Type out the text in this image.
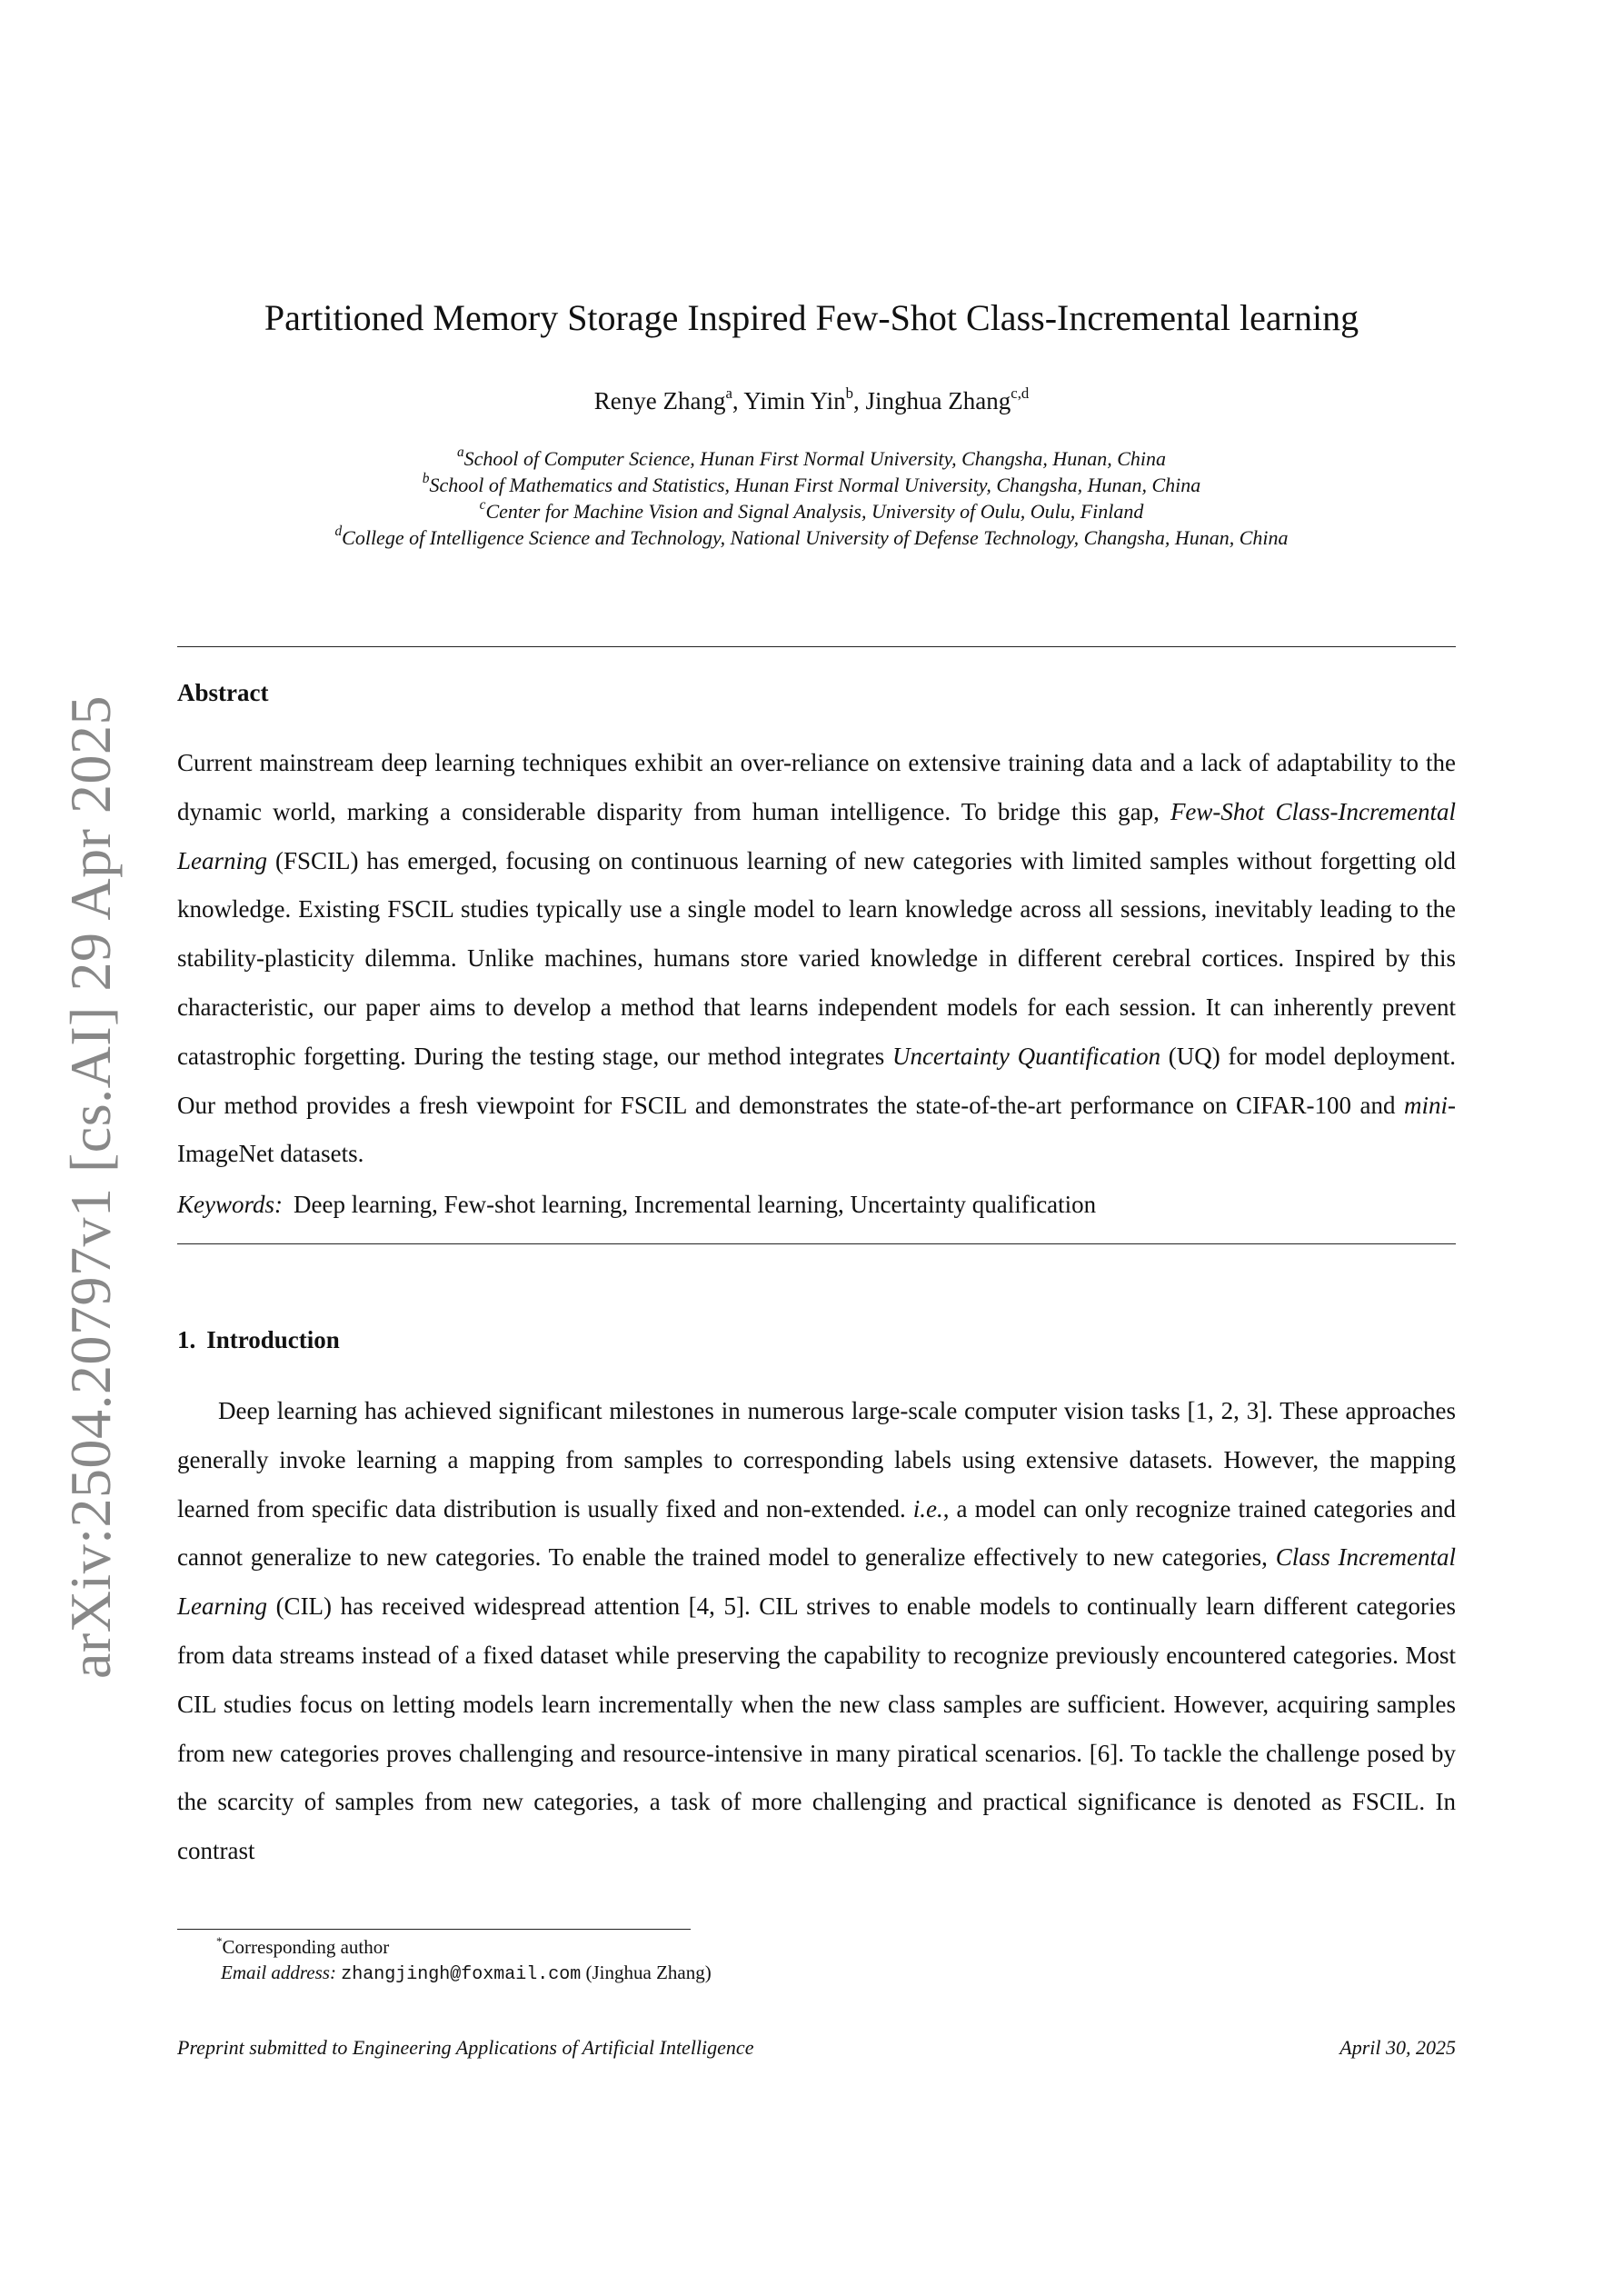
arXiv:2504.20797v1 [cs.AI] 29 Apr 2025
Partitioned Memory Storage Inspired Few-Shot Class-Incremental learning
Renye Zhang$^a$, Yimin Yin$^b$, Jinghua Zhang$^{c,d}$
$^a$School of Computer Science, Hunan First Normal University, Changsha, Hunan, China
$^b$School of Mathematics and Statistics, Hunan First Normal University, Changsha, Hunan, China
$^c$Center for Machine Vision and Signal Analysis, University of Oulu, Oulu, Finland
$^d$College of Intelligence Science and Technology, National University of Defense Technology, Changsha, Hunan, China
Abstract

Current mainstream deep learning techniques exhibit an over-reliance on extensive training data and a lack of adaptability to the dynamic world, marking a considerable disparity from human intelligence. To bridge this gap, Few-Shot Class-Incremental Learning (FSCIL) has emerged, focusing on continuous learning of new categories with limited samples without forgetting old knowledge. Existing FSCIL studies typically use a single model to learn knowledge across all sessions, inevitably leading to the stability-plasticity dilemma. Unlike machines, humans store varied knowledge in different cerebral cortices. Inspired by this characteristic, our paper aims to develop a method that learns independent models for each session. It can inherently prevent catastrophic forgetting. During the testing stage, our method integrates Uncertainty Quantification (UQ) for model deployment. Our method provides a fresh viewpoint for FSCIL and demonstrates the state-of-the-art performance on CIFAR-100 and mini-ImageNet datasets.

Keywords: Deep learning, Few-shot learning, Incremental learning, Uncertainty qualification
1. Introduction

Deep learning has achieved significant milestones in numerous large-scale computer vision tasks [1, 2, 3]. These approaches generally invoke learning a mapping from samples to corresponding labels using extensive datasets. However, the mapping learned from specific data distribution is usually fixed and non-extended. i.e., a model can only recognize trained categories and cannot generalize to new categories. To enable the trained model to generalize effectively to new categories, Class Incremental Learning (CIL) has received widespread attention [4, 5]. CIL strives to enable models to continually learn different categories from data streams instead of a fixed dataset while preserving the capability to recognize previously encountered categories. Most CIL studies focus on letting models learn incrementally when the new class samples are sufficient. However, acquiring samples from new categories proves challenging and resource-intensive in many piratical scenarios. [6]. To tackle the challenge posed by the scarcity of samples from new categories, a task of more challenging and practical significance is denoted as FSCIL. In contrast

*Corresponding author
Email address: zhangjingh@foxmail.com (Jinghua Zhang)
Preprint submitted to Engineering Applications of Artificial Intelligence	April 30, 2025
